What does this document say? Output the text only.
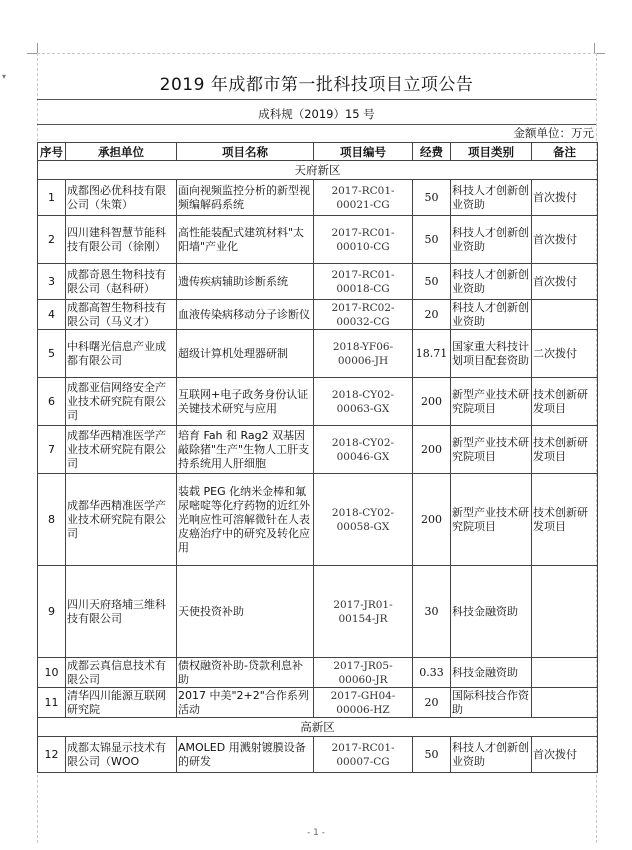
▾	2019 年成都市第一批科技项目立项公告
成科规（2019）15 号
金额单位：万元
序号	承担单位	项目名称	项目编号	经费	项目类别	备注
天府新区						
1	成都图必优科技有限公司（朱策）	面向视频监控分析的新型视频编解码系统	2017-RC01-00021-CG	50	科技人才创新创业资助	首次拨付
2	四川建科智慧节能科技有限公司（徐刚）	高性能装配式建筑材料"太阳墙"产业化	2017-RC01-00010-CG	50	科技人才创新创业资助	首次拨付
3	成都奇恩生物科技有限公司（赵科研）	遗传疾病辅助诊断系统	2017-RC01-00018-CG	50	科技人才创新创业资助	首次拨付
4	成都高智生物科技有限公司（马义才）	血液传染病移动分子诊断仪	2017-RC02-00032-CG	20	科技人才创新创业资助	
5	中科曙光信息产业成都有限公司	超级计算机处理器研制	2018-YF06-00006-JH	18.71	国家重大科技计划项目配套资助	二次拨付
6	成都亚信网络安全产业技术研究院有限公司	互联网+电子政务身份认证关键技术研究与应用	2018-CY02-00063-GX	200	新型产业技术研究院项目	技术创新研发项目
7	成都华西精准医学产业技术研究院有限公司	培育 Fah 和 Rag2 双基因敲除猪"生产"生物人工肝支持系统用人肝细胞	2018-CY02-00046-GX	200	新型产业技术研究院项目	技术创新研发项目
8	成都华西精准医学产业技术研究院有限公司	装载 PEG 化纳米金棒和氟尿嘧啶等化疗药物的近红外光响应性可溶解微针在人表皮癌治疗中的研究及转化应用	2018-CY02-00058-GX	200	新型产业技术研究院项目	技术创新研发项目
9	四川天府珞埔三维科技有限公司	天使投资补助	2017-JR01-00154-JR	30	科技金融资助	
10	成都云真信息技术有限公司	债权融资补助-贷款利息补助	2017-JR05-00060-JR	0.33	科技金融资助	
11	清华四川能源互联网研究院	2017 中美"2+2"合作系列活动	2017-GH04-00006-HZ	20	国际科技合作资助	
高新区						
12	成都太锦显示技术有限公司（WOO	AMOLED 用溅射镀膜设备的研发	2017-RC01-00007-CG	50	科技人才创新创业资助	首次拨付
- 1 -
